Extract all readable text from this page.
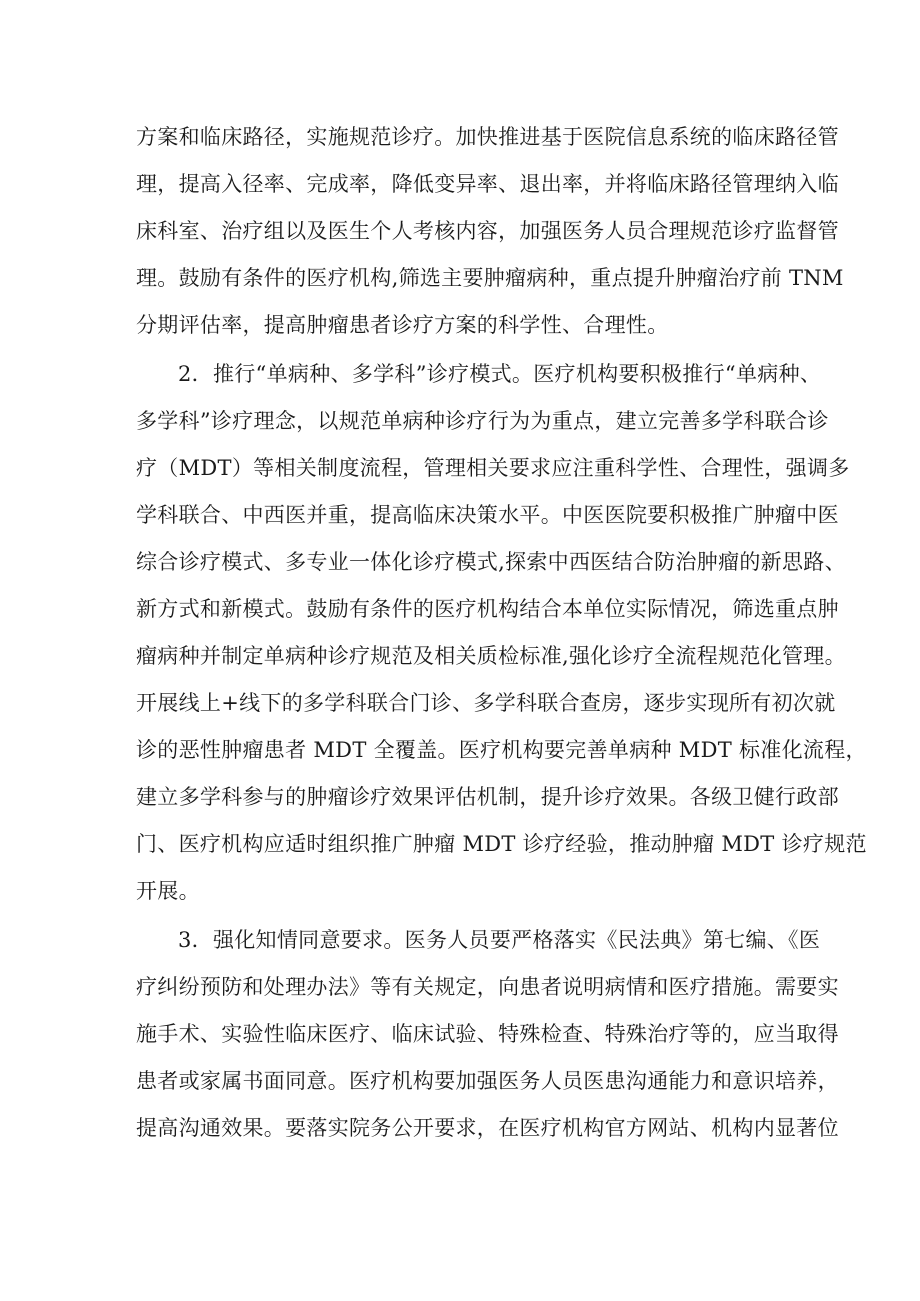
方案和临床路径，实施规范诊疗。加快推进基于医院信息系统的临床路径管
理，提高入径率、完成率，降低变异率、退出率，并将临床路径管理纳入临
床科室、治疗组以及医生个人考核内容，加强医务人员合理规范诊疗监督管
理。鼓励有条件的医疗机构,筛选主要肿瘤病种，重点提升肿瘤治疗前 TNM
分期评估率，提高肿瘤患者诊疗方案的科学性、合理性。
2．推行“单病种、多学科”诊疗模式。医疗机构要积极推行“单病种、
多学科”诊疗理念，以规范单病种诊疗行为为重点，建立完善多学科联合诊
疗（MDT）等相关制度流程，管理相关要求应注重科学性、合理性，强调多
学科联合、中西医并重，提高临床决策水平。中医医院要积极推广肿瘤中医
综合诊疗模式、多专业一体化诊疗模式,探索中西医结合防治肿瘤的新思路、
新方式和新模式。鼓励有条件的医疗机构结合本单位实际情况，筛选重点肿
瘤病种并制定单病种诊疗规范及相关质检标准,强化诊疗全流程规范化管理。
开展线上+线下的多学科联合门诊、多学科联合查房，逐步实现所有初次就
诊的恶性肿瘤患者 MDT 全覆盖。医疗机构要完善单病种 MDT 标准化流程，
建立多学科参与的肿瘤诊疗效果评估机制，提升诊疗效果。各级卫健行政部
门、医疗机构应适时组织推广肿瘤 MDT 诊疗经验，推动肿瘤 MDT 诊疗规范
开展。
3．强化知情同意要求。医务人员要严格落实《民法典》第七编、《医
疗纠纷预防和处理办法》等有关规定，向患者说明病情和医疗措施。需要实
施手术、实验性临床医疗、临床试验、特殊检查、特殊治疗等的，应当取得
患者或家属书面同意。医疗机构要加强医务人员医患沟通能力和意识培养，
提高沟通效果。要落实院务公开要求，在医疗机构官方网站、机构内显著位
